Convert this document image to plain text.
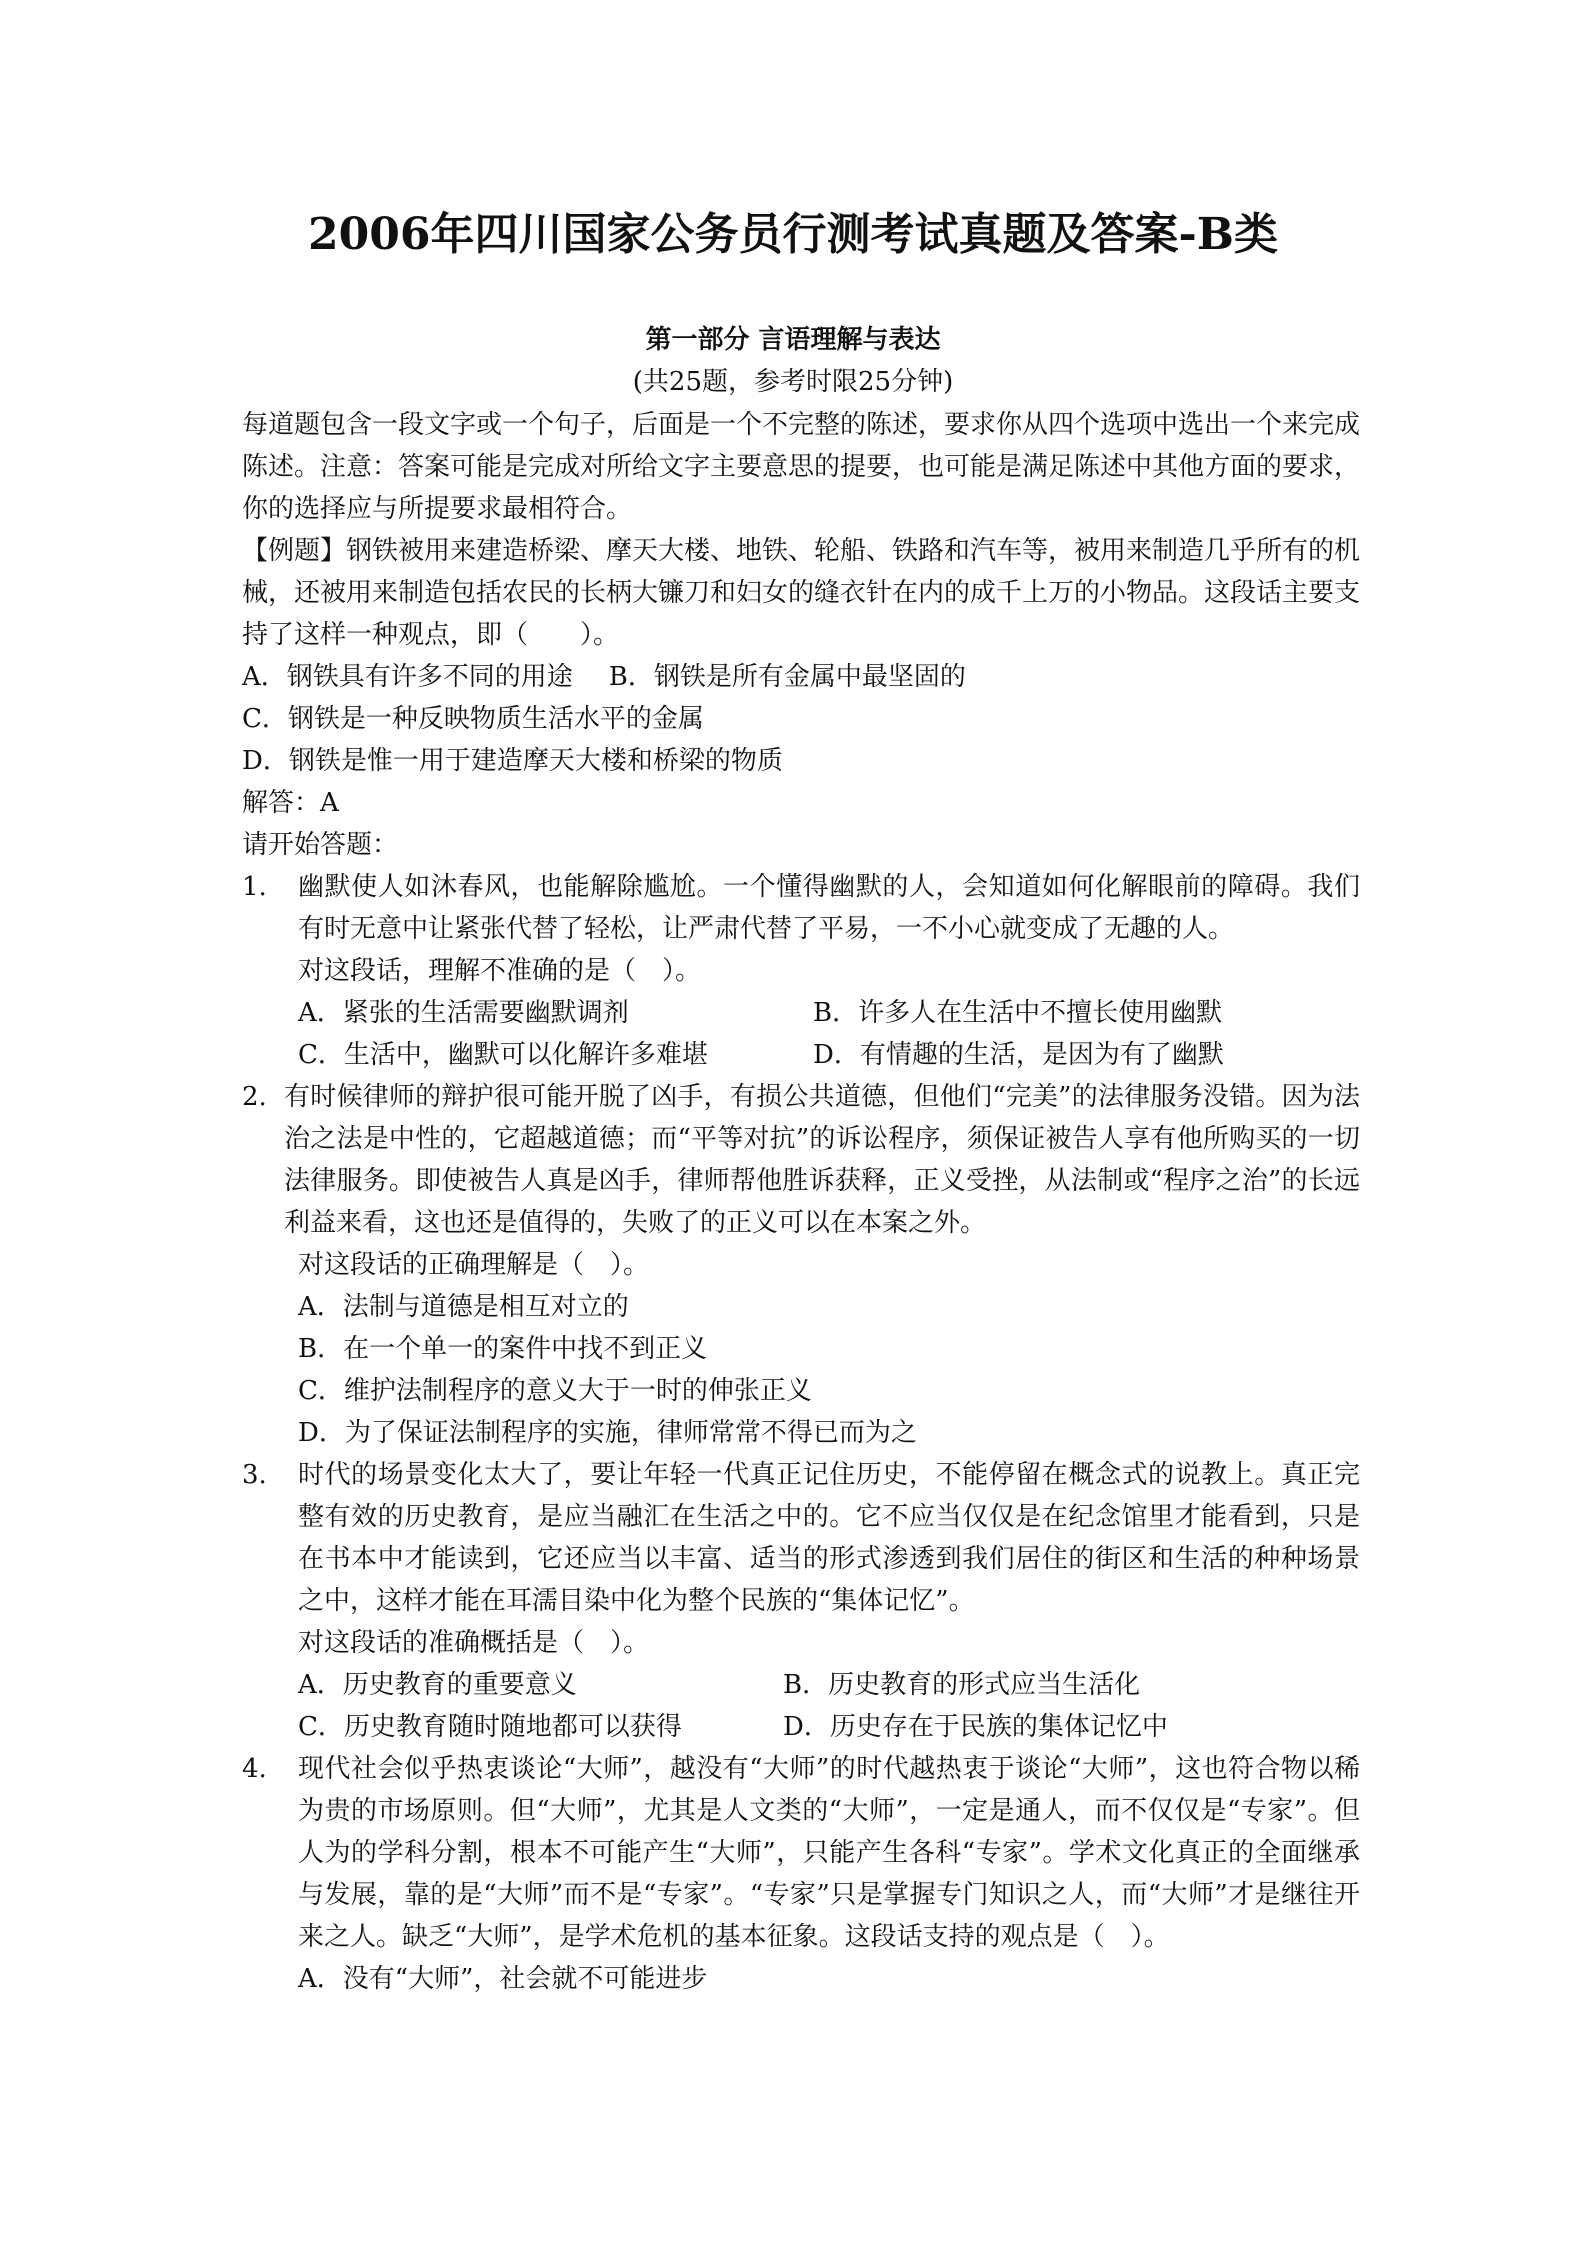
2006年四川国家公务员行测考试真题及答案-B类
第一部分 言语理解与表达
(共25题，参考时限25分钟)

每道题包含一段文字或一个句子，后面是一个不完整的陈述，要求你从四个选项中选出一个来完成陈述。注意：答案可能是完成对所给文字主要意思的提要，也可能是满足陈述中其他方面的要求，你的选择应与所提要求最相符合。

【例题】钢铁被用来建造桥梁、摩天大楼、地铁、轮船、铁路和汽车等，被用来制造几乎所有的机械，还被用来制造包括农民的长柄大镰刀和妇女的缝衣针在内的成千上万的小物品。这段话主要支持了这样一种观点，即（　　）。

A．钢铁具有许多不同的用途 B．钢铁是所有金属中最坚固的

C．钢铁是一种反映物质生活水平的金属

D．钢铁是惟一用于建造摩天大楼和桥梁的物质

解答：A

请开始答题：

1. 幽默使人如沐春风，也能解除尴尬。一个懂得幽默的人，会知道如何化解眼前的障碍。我们有时无意中让紧张代替了轻松，让严肃代替了平易，一不小心就变成了无趣的人。

对这段话，理解不准确的是（　）。

A．紧张的生活需要幽默调剂	B．许多人在生活中不擅长使用幽默
C．生活中，幽默可以化解许多难堪	D．有情趣的生活，是因为有了幽默

2. 有时候律师的辩护很可能开脱了凶手，有损公共道德，但他们“完美”的法律服务没错。因为法治之法是中性的，它超越道德；而“平等对抗”的诉讼程序，须保证被告人享有他所购买的一切法律服务。即使被告人真是凶手，律师帮他胜诉获释，正义受挫，从法制或“程序之治”的长远利益来看，这也还是值得的，失败了的正义可以在本案之外。

对这段话的正确理解是（　）。

A．法制与道德是相互对立的

B．在一个单一的案件中找不到正义

C．维护法制程序的意义大于一时的伸张正义

D．为了保证法制程序的实施，律师常常不得已而为之

3. 时代的场景变化太大了，要让年轻一代真正记住历史，不能停留在概念式的说教上。真正完整有效的历史教育，是应当融汇在生活之中的。它不应当仅仅是在纪念馆里才能看到，只是在书本中才能读到，它还应当以丰富、适当的形式渗透到我们居住的街区和生活的种种场景之中，这样才能在耳濡目染中化为整个民族的“集体记忆”。

对这段话的准确概括是（　）。

A．历史教育的重要意义	B．历史教育的形式应当生活化
C．历史教育随时随地都可以获得	D．历史存在于民族的集体记忆中

4. 现代社会似乎热衷谈论“大师”，越没有“大师”的时代越热衷于谈论“大师”，这也符合物以稀为贵的市场原则。但“大师”，尤其是人文类的“大师”，一定是通人，而不仅仅是“专家”。但人为的学科分割，根本不可能产生“大师”，只能产生各科“专家”。学术文化真正的全面继承与发展，靠的是“大师”而不是“专家”。“专家”只是掌握专门知识之人，而“大师”才是继往开来之人。缺乏“大师”，是学术危机的基本征象。这段话支持的观点是（　）。

A．没有“大师”，社会就不可能进步
